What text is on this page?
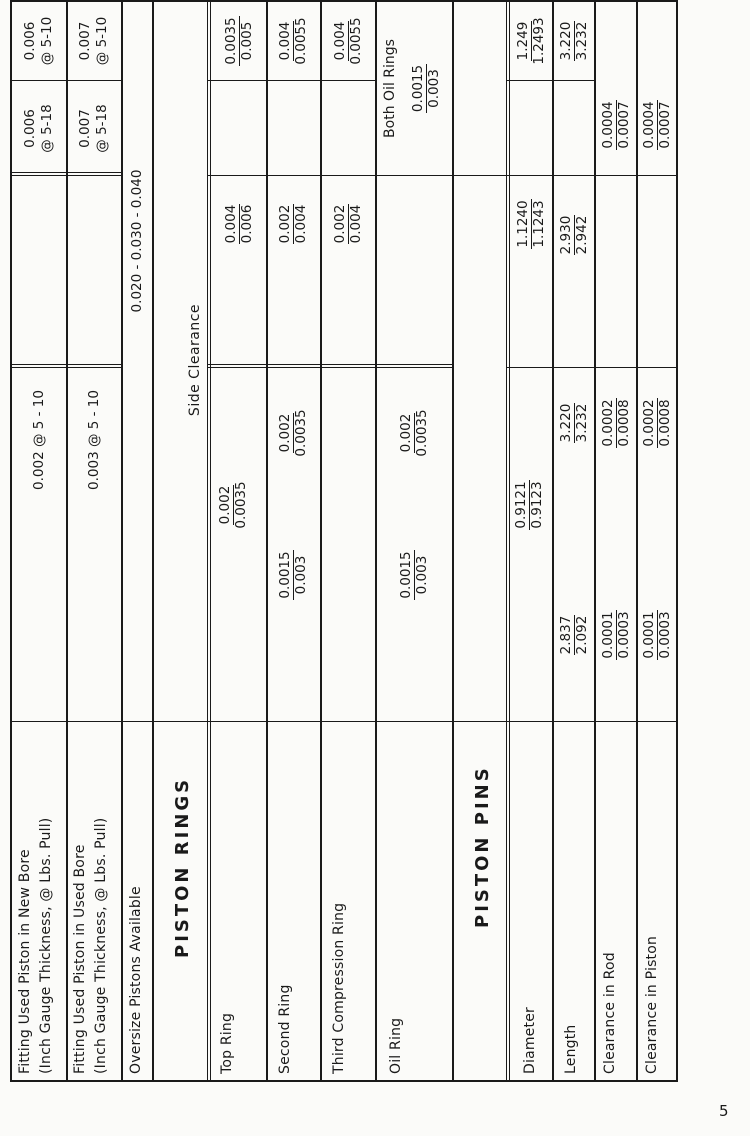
Fitting Used Piston in New Bore (Inch Gauge Thickness, @ Lbs. Pull)
0.002 @ 5 - 10
0.006 @ 5-18
0.006 @ 5-10
Fitting Used Piston in Used Bore (Inch Gauge Thickness, @ Lbs. Pull)
0.003 @ 5 - 10
0.007 @ 5-18
0.007 @ 5-10
Oversize Pistons Available
0.020 - 0.030 - 0.040
PISTON RINGS
Side Clearance
Top Ring
0.002 0.0035
0.004 0.006
0.0035 0.005
Second Ring
0.0015 0.003
0.002 0.0035
0.002 0.004
0.004 0.0055
Third Compression Ring
0.002 0.004
0.004 0.0055
Oil Ring
0.0015 0.003
0.002 0.0035
Both Oil Rings 0.0015 0.003
PISTON PINS
Diameter
0.9121 0.9123
1.1240 1.1243
1.249 1.2493
Length
2.837 2.092
3.220 3.232
2.930 2.942
3.220 3.232
Clearance in Rod
0.0001 0.0003
0.0002 0.0008
0.0004 0.0007
Clearance in Piston
0.0001 0.0003
0.0002 0.0008
0.0004 0.0007
5
